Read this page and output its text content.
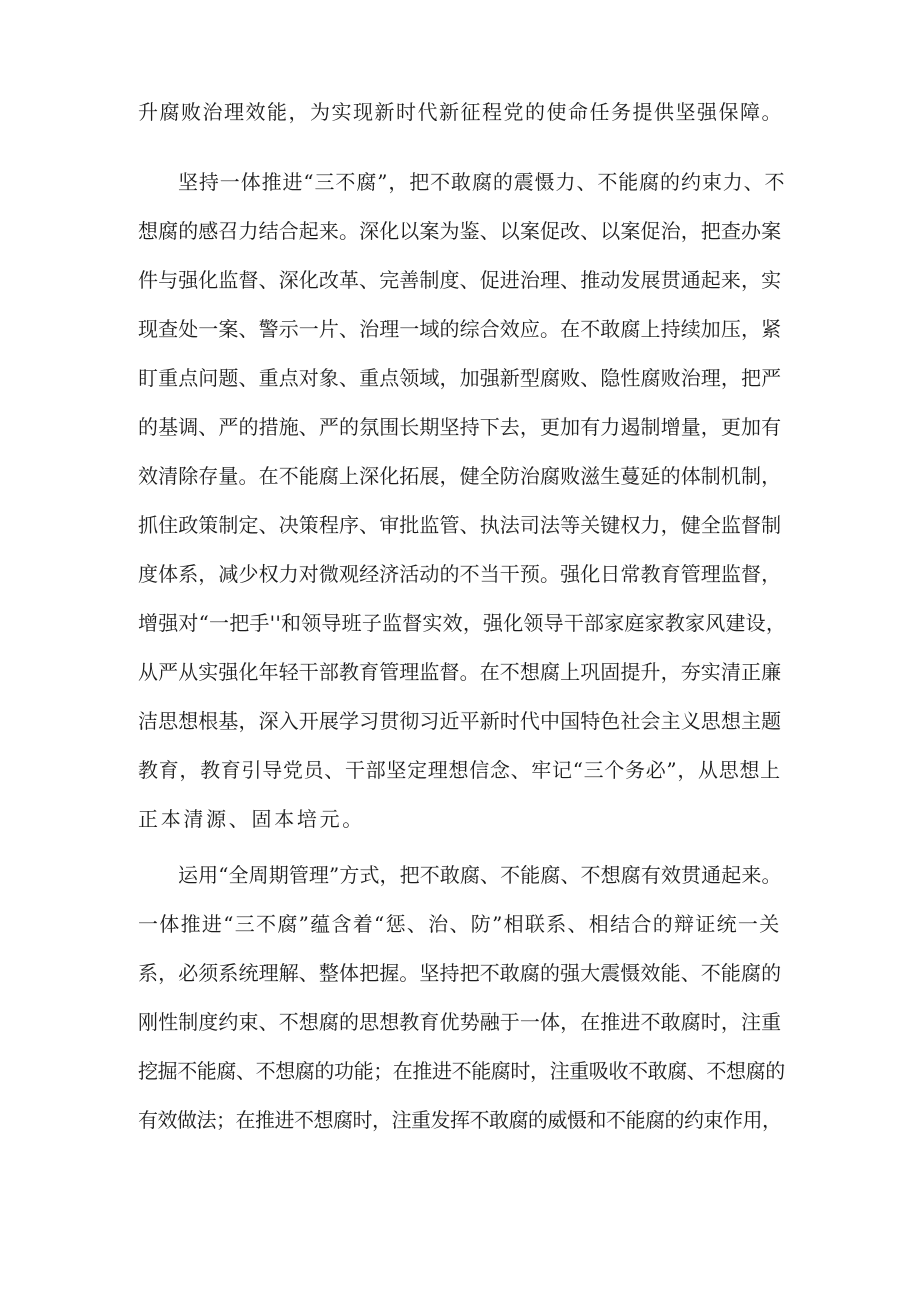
升腐败治理效能，为实现新时代新征程党的使命任务提供坚强保障。
坚持一体推进“三不腐”，把不敢腐的震慑力、不能腐的约束力、不
想腐的感召力结合起来。深化以案为鉴、以案促改、以案促治，把查办案
件与强化监督、深化改革、完善制度、促进治理、推动发展贯通起来，实
现查处一案、警示一片、治理一域的综合效应。在不敢腐上持续加压，紧
盯重点问题、重点对象、重点领域，加强新型腐败、隐性腐败治理，把严
的基调、严的措施、严的氛围长期坚持下去，更加有力遏制增量，更加有
效清除存量。在不能腐上深化拓展，健全防治腐败滋生蔓延的体制机制，
抓住政策制定、决策程序、审批监管、执法司法等关键权力，健全监督制
度体系，减少权力对微观经济活动的不当干预。强化日常教育管理监督，
增强对“一把手''和领导班子监督实效，强化领导干部家庭家教家风建设，
从严从实强化年轻干部教育管理监督。在不想腐上巩固提升，夯实清正廉
洁思想根基，深入开展学习贯彻习近平新时代中国特色社会主义思想主题
教育，教育引导党员、干部坚定理想信念、牢记“三个务必”，从思想上
正本清源、固本培元。
运用“全周期管理”方式，把不敢腐、不能腐、不想腐有效贯通起来。
一体推进“三不腐”蕴含着“惩、治、防”相联系、相结合的辩证统一关
系，必须系统理解、整体把握。坚持把不敢腐的强大震慑效能、不能腐的
刚性制度约束、不想腐的思想教育优势融于一体，在推进不敢腐时，注重
挖掘不能腐、不想腐的功能；在推进不能腐时，注重吸收不敢腐、不想腐的
有效做法；在推进不想腐时，注重发挥不敢腐的威慑和不能腐的约束作用，
